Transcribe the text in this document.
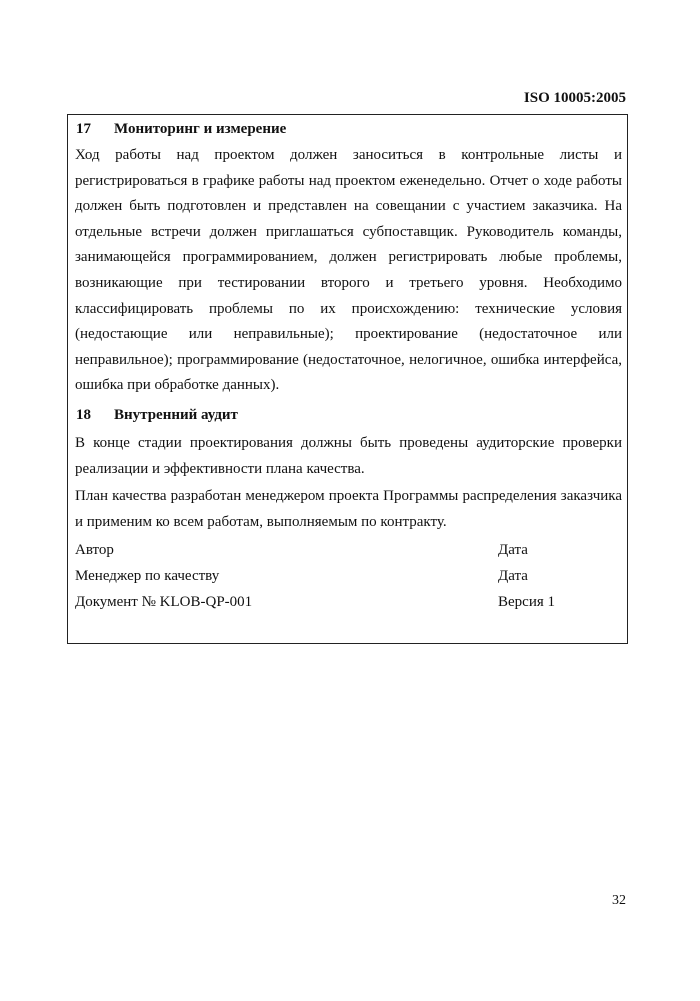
ISO 10005:2005
17	Мониторинг и измерение
Ход работы над проектом должен заноситься в контрольные листы и регистрироваться в графике работы над проектом еженедельно. Отчет о ходе работы должен быть подготовлен и представлен на совещании с участием заказчика. На отдельные встречи должен приглашаться субпоставщик. Руководитель команды, занимающейся программированием, должен регистрировать любые проблемы, возникающие при тестировании второго и третьего уровня. Необходимо классифицировать проблемы по их происхождению: технические условия (недостающие или неправильные); проектирование (недостаточное или неправильное); программирование (недостаточное, нелогичное, ошибка интерфейса, ошибка при обработке данных).
18	Внутренний аудит
В конце стадии проектирования должны быть проведены аудиторские проверки реализации и эффективности плана качества.
План качества разработан менеджером проекта Программы распределения заказчика и применим ко всем работам, выполняемым по контракту.
Автор	Дата
Менеджер по качеству	Дата
Документ № KLOB-QP-001	Версия 1
32
